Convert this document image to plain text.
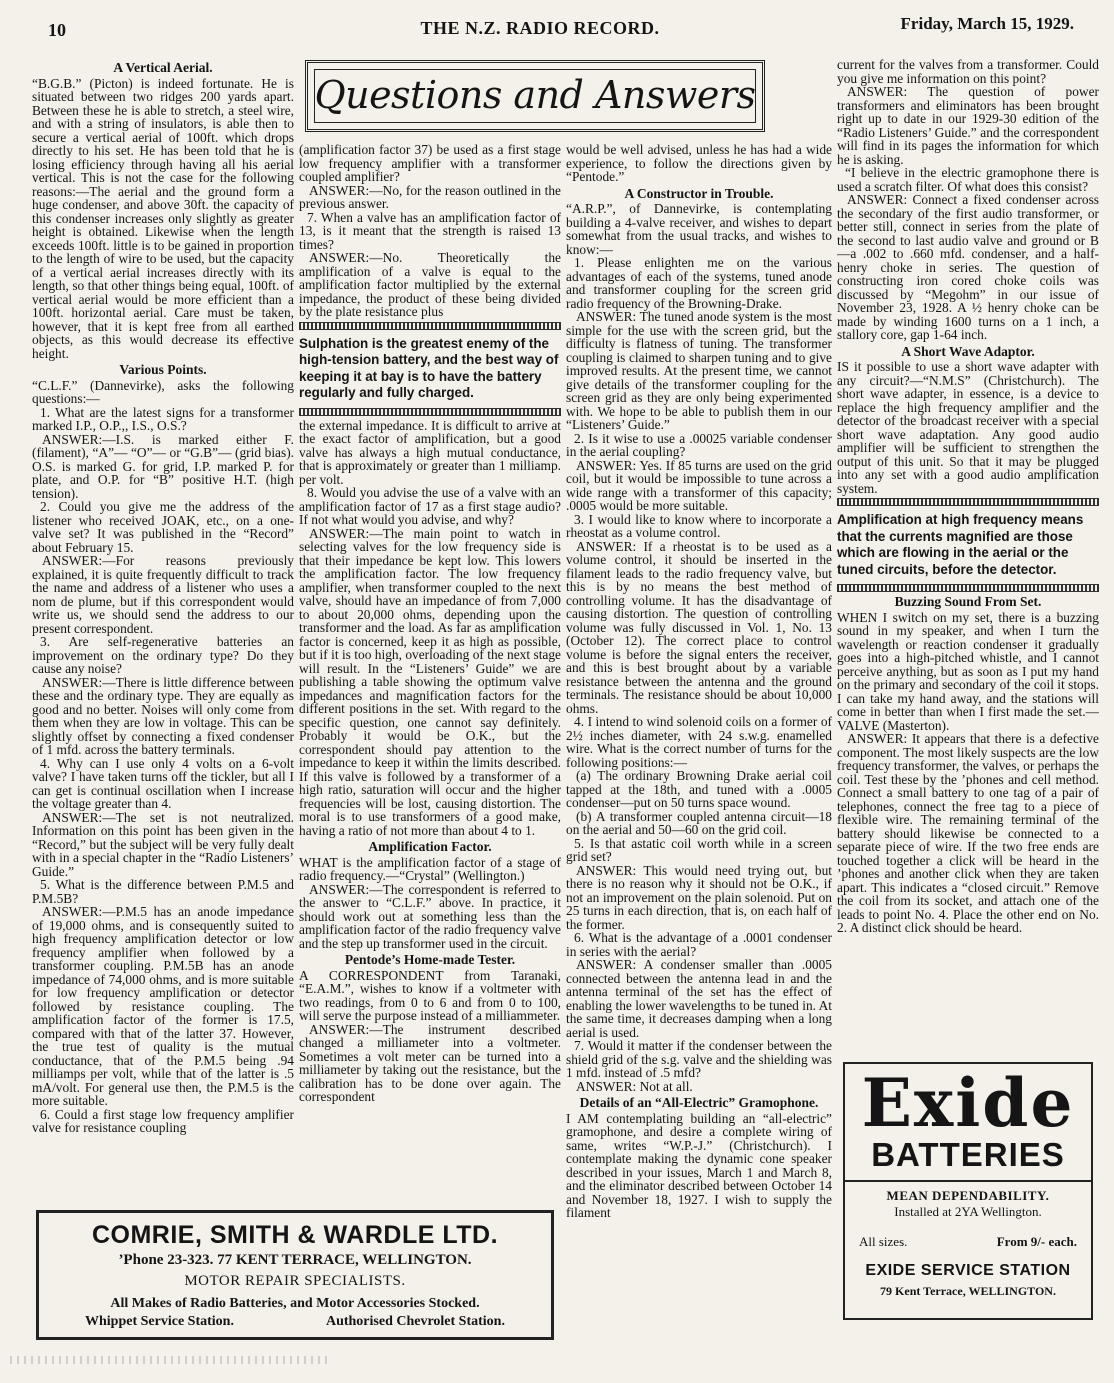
10	THE N.Z. RADIO RECORD.	Friday, March 15, 1929.
Questions and Answers
A Vertical Aerial.

“B.G.B.” (Picton) is indeed fortunate. He is situated between two ridges 200 yards apart. Between these he is able to stretch, a steel wire, and with a string of insulators, is able then to secure a vertical aerial of 100ft. which drops directly to his set. He has been told that he is losing efficiency through having all his aerial vertical. This is not the case for the following reasons:—The aerial and the ground form a huge condenser, and above 30ft. the capacity of this condenser increases only slightly as greater height is obtained. Likewise when the length exceeds 100ft. little is to be gained in proportion to the length of wire to be used, but the capacity of a vertical aerial increases directly with its length, so that other things being equal, 100ft. of vertical aerial would be more efficient than a 100ft. horizontal aerial. Care must be taken, however, that it is kept free from all earthed objects, as this would decrease its effective height.

Various Points.

“C.L.F.” (Dannevirke), asks the following questions:—

1. What are the latest signs for a transformer marked I.P., O.P.,, I.S., O.S.?

ANSWER:—I.S. is marked either F. (filament), “A”— “O”— or “G.B”— (grid bias). O.S. is marked G. for grid, I.P. marked P. for plate, and O.P. for “B” positive H.T. (high tension).

2. Could you give me the address of the listener who received JOAK, etc., on a one-valve set? It was published in the “Record” about February 15.

ANSWER:—For reasons previously explained, it is quite frequently difficult to track the name and address of a listener who uses a nom de plume, but if this correspondent would write us, we should send the address to our present correspondent.

3. Are self-regenerative batteries an improvement on the ordinary type? Do they cause any noise?

ANSWER:—There is little difference between these and the ordinary type. They are equally as good and no better. Noises will only come from them when they are low in voltage. This can be slightly offset by connecting a fixed condenser of 1 mfd. across the battery terminals.

4. Why can I use only 4 volts on a 6-volt valve? I have taken turns off the tickler, but all I can get is continual oscillation when I increase the voltage greater than 4.

ANSWER:—The set is not neutralized. Information on this point has been given in the “Record,” but the subject will be very fully dealt with in a special chapter in the “Radio Listeners’ Guide.”

5. What is the difference between P.M.5 and P.M.5B?

ANSWER:—P.M.5 has an anode impedance of 19,000 ohms, and is consequently suited to high frequency amplification detector or low frequency amplifier when followed by a transformer coupling. P.M.5B has an anode impedance of 74,000 ohms, and is more suitable for low frequency amplification or detector followed by resistance coupling. The amplification factor of the former is 17.5, compared with that of the latter 37. However, the true test of quality is the mutual conductance, that of the P.M.5 being .94 milliamps per volt, while that of the latter is .5 mA/volt. For general use then, the P.M.5 is the more suitable.

6. Could a first stage low frequency amplifier valve for resistance coupling

(amplification factor 37) be used as a first stage low frequency amplifier with a transformer coupled amplifier?

ANSWER:—No, for the reason outlined in the previous answer.

7. When a valve has an amplification factor of 13, is it meant that the strength is raised 13 times?

ANSWER:—No. Theoretically the amplification of a valve is equal to the amplification factor multiplied by the external impedance, the product of these being divided by the plate resistance plus

Sulphation is the greatest enemy of the high-tension battery, and the best way of keeping it at bay is to have the battery regularly and fully charged.

the external impedance. It is difficult to arrive at the exact factor of amplification, but a good valve has always a high mutual conductance, that is approximately or greater than 1 milliamp. per volt.

8. Would you advise the use of a valve with an amplification factor of 17 as a first stage audio? If not what would you advise, and why?

ANSWER:—The main point to watch in selecting valves for the low frequency side is that their impedance be kept low. This lowers the amplification factor. The low frequency amplifier, when transformer coupled to the next valve, should have an impedance of from 7,000 to about 20,000 ohms, depending upon the transformer and the load. As far as amplification factor is concerned, keep it as high as possible, but if it is too high, overloading of the next stage will result. In the “Listeners’ Guide” we are publishing a table showing the optimum valve impedances and magnification factors for the different positions in the set. With regard to the specific question, one cannot say definitely. Probably it would be O.K., but the correspondent should pay attention to the impedance to keep it within the limits described. If this valve is followed by a transformer of a high ratio, saturation will occur and the higher frequencies will be lost, causing distortion. The moral is to use transformers of a good make, having a ratio of not more than about 4 to 1.

Amplification Factor.

WHAT is the amplification factor of a stage of radio frequency.—“Crystal” (Wellington.)

ANSWER:—The correspondent is referred to the answer to “C.L.F.” above. In practice, it should work out at something less than the amplification factor of the radio frequency valve and the step up transformer used in the circuit.

Pentode’s Home-made Tester.

A CORRESPONDENT from Taranaki, “E.A.M.”, wishes to know if a voltmeter with two readings, from 0 to 6 and from 0 to 100, will serve the purpose instead of a milliammeter.

ANSWER:—The instrument described changed a milliameter into a voltmeter. Sometimes a volt meter can be turned into a milliameter by taking out the resistance, but the calibration has to be done over again. The correspondent

would be well advised, unless he has had a wide experience, to follow the directions given by “Pentode.”

A Constructor in Trouble.

“A.R.P.”, of Dannevirke, is contemplating building a 4-valve receiver, and wishes to depart somewhat from the usual tracks, and wishes to know:—

1. Please enlighten me on the various advantages of each of the systems, tuned anode and transformer coupling for the screen grid radio frequency of the Browning-Drake.

ANSWER: The tuned anode system is the most simple for the use with the screen grid, but the difficulty is flatness of tuning. The transformer coupling is claimed to sharpen tuning and to give improved results. At the present time, we cannot give details of the transformer coupling for the screen grid as they are only being experimented with. We hope to be able to publish them in our “Listeners’ Guide.”

2. Is it wise to use a .00025 variable condenser in the aerial coupling?

ANSWER: Yes. If 85 turns are used on the grid coil, but it would be impossible to tune across a wide range with a transformer of this capacity; .0005 would be more suitable.

3. I would like to know where to incorporate a rheostat as a volume control.

ANSWER: If a rheostat is to be used as a volume control, it should be inserted in the filament leads to the radio frequency valve, but this is by no means the best method of controlling volume. It has the disadvantage of causing distortion. The question of controlling volume was fully discussed in Vol. 1, No. 13 (October 12). The correct place to control volume is before the signal enters the receiver, and this is best brought about by a variable resistance between the antenna and the ground terminals. The resistance should be about 10,000 ohms.

4. I intend to wind solenoid coils on a former of 2½ inches diameter, with 24 s.w.g. enamelled wire. What is the correct number of turns for the following positions:—

(a) The ordinary Browning Drake aerial coil tapped at the 18th, and tuned with a .0005 condenser—put on 50 turns space wound.

(b) A transformer coupled antenna circuit—18 on the aerial and 50—60 on the grid coil.

5. Is that astatic coil worth while in a screen grid set?

ANSWER: This would need trying out, but there is no reason why it should not be O.K., if not an improvement on the plain solenoid. Put on 25 turns in each direction, that is, on each half of the former.

6. What is the advantage of a .0001 condenser in series with the aerial?

ANSWER: A condenser smaller than .0005 connected between the antenna lead in and the antenna terminal of the set has the effect of enabling the lower wavelengths to be tuned in. At the same time, it decreases damping when a long aerial is used.

7. Would it matter if the condenser between the shield grid of the s.g. valve and the shielding was 1 mfd. instead of .5 mfd?

ANSWER: Not at all.

Details of an “All-Electric” Gramophone.

I AM contemplating building an “all-electric” gramophone, and desire a complete wiring of same, writes “W.P.-J.” (Christchurch). I contemplate making the dynamic cone speaker described in your issues, March 1 and March 8, and the eliminator described between October 14 and November 18, 1927. I wish to supply the filament

current for the valves from a transformer. Could you give me information on this point?

ANSWER: The question of power transformers and eliminators has been brought right up to date in our 1929-30 edition of the “Radio Listeners’ Guide.” and the correspondent will find in its pages the information for which he is asking.

“I believe in the electric gramophone there is used a scratch filter. Of what does this consist?

ANSWER: Connect a fixed condenser across the secondary of the first audio transformer, or better still, connect in series from the plate of the second to last audio valve and ground or B—a .002 to .660 mfd. condenser, and a half-henry choke in series. The question of constructing iron cored choke coils was discussed by “Megohm” in our issue of November 23, 1928. A ½ henry choke can be made by winding 1600 turns on a 1 inch, a stallory core, gap 1-64 inch.

A Short Wave Adaptor.

IS it possible to use a short wave adapter with any circuit?—“N.M.S” (Christchurch). The short wave adapter, in essence, is a device to replace the high frequency amplifier and the detector of the broadcast receiver with a special short wave adaptation. Any good audio amplifier will be sufficient to strengthen the output of this unit. So that it may be plugged into any set with a good audio amplification system.

Amplification at high frequency means that the currents magnified are those which are flowing in the aerial or the tuned circuits, before the detector.
Buzzing Sound From Set.

WHEN I switch on my set, there is a buzzing sound in my speaker, and when I turn the wavelength or reaction condenser it gradually goes into a high-pitched whistle, and I cannot perceive anything, but as soon as I put my hand on the primary and secondary of the coil it stops. I can take my hand away, and the stations will come in better than when I first made the set.—VALVE (Masterton).

ANSWER: It appears that there is a defective component. The most likely suspects are the low frequency transformer, the valves, or perhaps the coil. Test these by the ’phones and cell method. Connect a small battery to one tag of a pair of telephones, connect the free tag to a piece of flexible wire. The remaining terminal of the battery should likewise be connected to a separate piece of wire. If the two free ends are touched together a click will be heard in the ’phones and another click when they are taken apart. This indicates a “closed circuit.” Remove the coil from its socket, and attach one of the leads to point No. 4. Place the other end on No. 2. A distinct click should be heard.

COMRIE, SMITH & WARDLE LTD.
’Phone 23-323. 77 KENT TERRACE, WELLINGTON.
MOTOR REPAIR SPECIALISTS.
All Makes of Radio Batteries, and Motor Accessories Stocked.
Whippet Service Station.	Authorised Chevrolet Station.
Exide
BATTERIES
MEAN DEPENDABILITY.
Installed at 2YA Wellington.
All sizes.	From 9/- each.
EXIDE SERVICE STATION
79 Kent Terrace, WELLINGTON.
